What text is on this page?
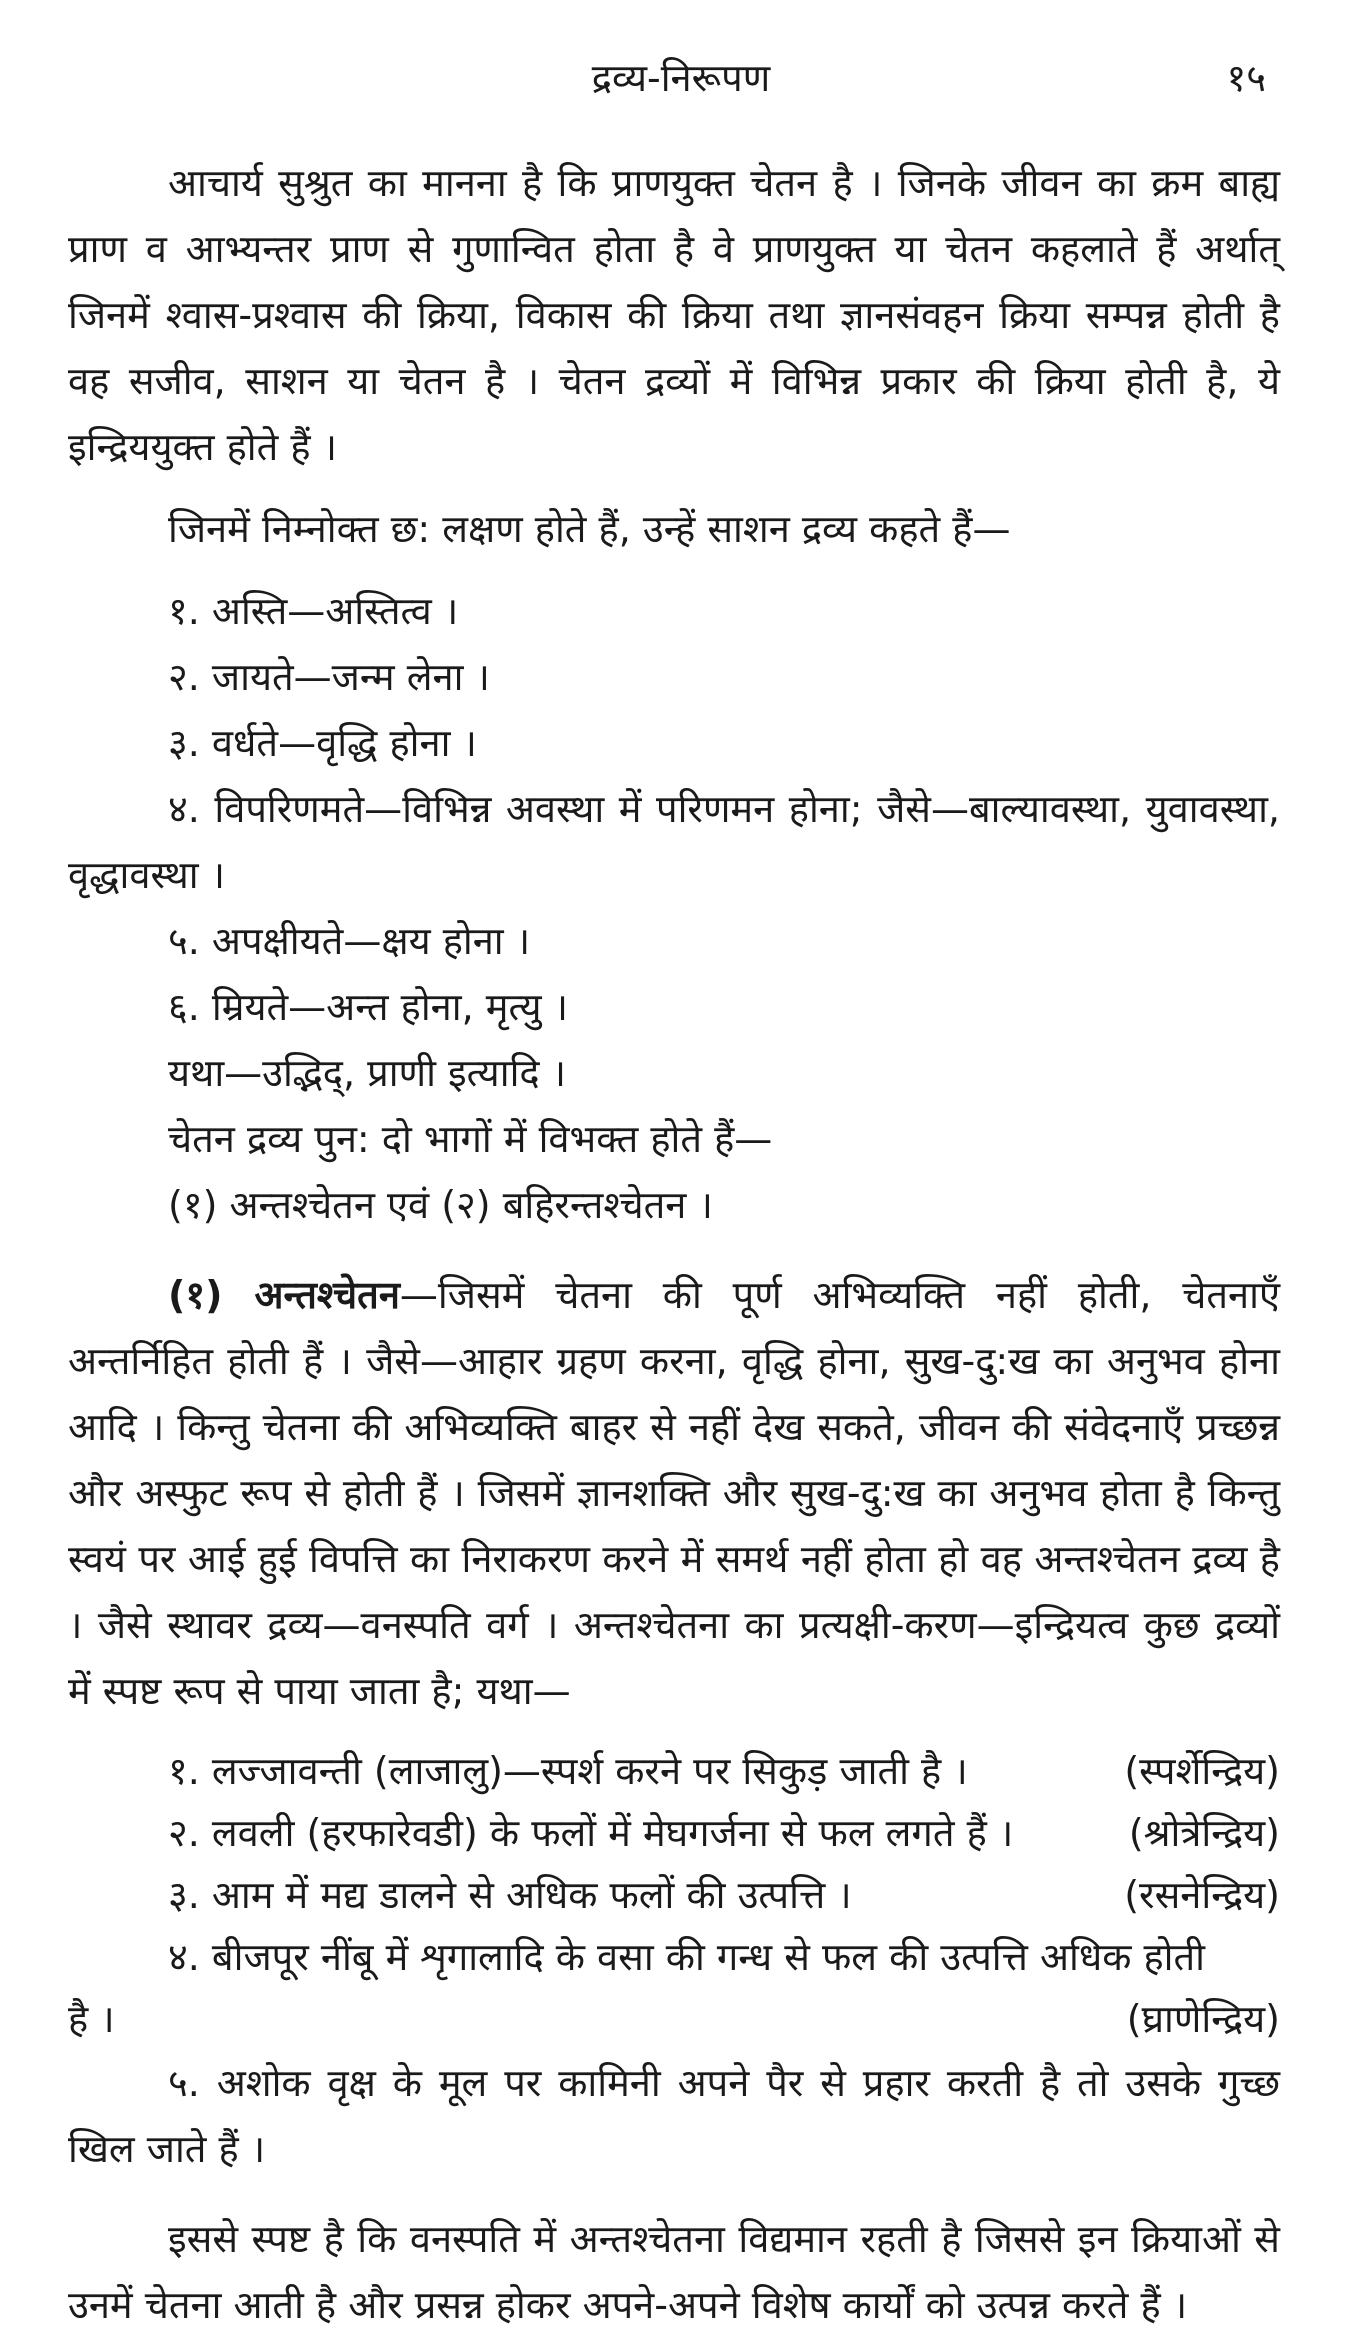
द्रव्य-निरूपण	१५

आचार्य सुश्रुत का मानना है कि प्राणयुक्त चेतन है । जिनके जीवन का क्रम बाह्य प्राण व आभ्यन्तर प्राण से गुणान्वित होता है वे प्राणयुक्त या चेतन कहलाते हैं अर्थात् जिनमें श्वास-प्रश्वास की क्रिया, विकास की क्रिया तथा ज्ञानसंवहन क्रिया सम्पन्न होती है वह सजीव, साशन या चेतन है । चेतन द्रव्यों में विभिन्न प्रकार की क्रिया होती है, ये इन्द्रिययुक्त होते हैं ।

जिनमें निम्नोक्त छ: लक्षण होते हैं, उन्हें साशन द्रव्य कहते हैं—

१. अस्ति—अस्तित्व ।

२. जायते—जन्म लेना ।

३. वर्धते—वृद्धि होना ।

४. विपरिणमते—विभिन्न अवस्था में परिणमन होना; जैसे—बाल्यावस्था, युवावस्था, वृद्धावस्था ।

५. अपक्षीयते—क्षय होना ।

६. म्रियते—अन्त होना, मृत्यु ।

यथा—उद्भिद्, प्राणी इत्यादि ।

चेतन द्रव्य पुन: दो भागों में विभक्त होते हैं—

(१) अन्तश्चेतन एवं (२) बहिरन्तश्चेतन ।

(१) अन्तश्चेतन—जिसमें चेतना की पूर्ण अभिव्यक्ति नहीं होती, चेतनाएँ अन्तर्निहित होती हैं । जैसे—आहार ग्रहण करना, वृद्धि होना, सुख-दु:ख का अनुभव होना आदि । किन्तु चेतना की अभिव्यक्ति बाहर से नहीं देख सकते, जीवन की संवेदनाएँ प्रच्छन्न और अस्फुट रूप से होती हैं । जिसमें ज्ञानशक्ति और सुख-दु:ख का अनुभव होता है किन्तु स्वयं पर आई हुई विपत्ति का निराकरण करने में समर्थ नहीं होता हो वह अन्तश्चेतन द्रव्य है । जैसे स्थावर द्रव्य—वनस्पति वर्ग । अन्तश्चेतना का प्रत्यक्षी-करण—इन्द्रियत्व कुछ द्रव्यों में स्पष्ट रूप से पाया जाता है; यथा—

१. लज्जावन्ती (लाजालु)—स्पर्श करने पर सिकुड़ जाती है ।	(स्पर्शेन्द्रिय)
२. लवली (हरफारेवडी) के फलों में मेघगर्जना से फल लगते हैं ।	(श्रोत्रेन्द्रिय)
३. आम में मद्य डालने से अधिक फलों की उत्पत्ति ।	(रसनेन्द्रिय)

४. बीजपूर नींबू में शृगालादि के वसा की गन्ध से फल की उत्पत्ति अधिक होती

है ।	(घ्राणेन्द्रिय)

५. अशोक वृक्ष के मूल पर कामिनी अपने पैर से प्रहार करती है तो उसके गुच्छ खिल जाते हैं ।

इससे स्पष्ट है कि वनस्पति में अन्तश्चेतना विद्यमान रहती है जिससे इन क्रियाओं से उनमें चेतना आती है और प्रसन्न होकर अपने-अपने विशेष कार्यों को उत्पन्न करते हैं ।
